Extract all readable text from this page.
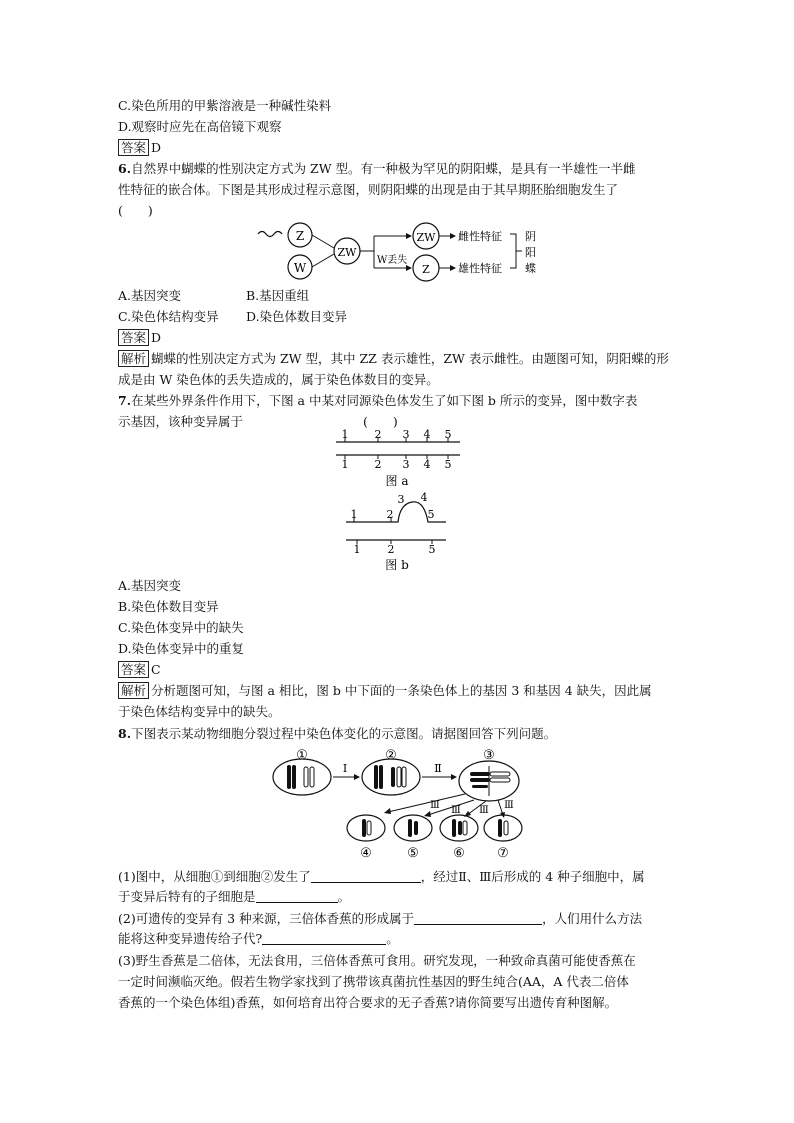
C.染色所用的甲紫溶液是一种碱性染料
D.观察时应先在高倍镜下观察
答案 D
6.自然界中蝴蝶的性别决定方式为 ZW 型。有一种极为罕见的阴阳蝶，是具有一半雄性一半雌
性特征的嵌合体。下图是其形成过程示意图，则阴阳蝶的出现是由于其早期胚胎细胞发生了
(　　)
Z
W
ZW
W丢失
ZW
Z
雌性特征
雄性特征
阴
阳
蝶
A.基因突变	B.基因重组
C.染色体结构变异 D.染色体数目变异
答案 D
解析 蝴蝶的性别决定方式为 ZW 型，其中 ZZ 表示雄性，ZW 表示雌性。由题图可知，阴阳蝶的形
成是由 W 染色体的丢失造成的，属于染色体数目的变异。
7.在某些外界条件作用下，下图 a 中某对同源染色体发生了如下图 b 所示的变异，图中数字表
示基因，该种变异属于	(　　)
1 2 3 4 5
1 2 3 4 5
图 a
1	2
3 4
5
1 2	5
图 b
A.基因突变
B.染色体数目变异
C.染色体变异中的缺失
D.染色体变异中的重复
答案 C
解析 分析题图可知，与图 a 相比，图 b 中下面的一条染色体上的基因 3 和基因 4 缺失，因此属
于染色体结构变异中的缺失。
8.下图表示某动物细胞分裂过程中染色体变化的示意图。请据图回答下列问题。
①
Ⅰ
②
Ⅱ
③
Ⅲ Ⅲ Ⅲ Ⅲ
④	⑤	⑥ ⑦
(1)图中，从细胞①到细胞②发生了	，经过Ⅱ、Ⅲ后形成的 4 种子细胞中，属
于变异后特有的子细胞是	。
(2)可遗传的变异有 3 种来源，三倍体香蕉的形成属于	，人们用什么方法
能将这种变异遗传给子代?	。
(3)野生香蕉是二倍体，无法食用，三倍体香蕉可食用。研究发现，一种致命真菌可能使香蕉在
一定时间濒临灭绝。假若生物学家找到了携带该真菌抗性基因的野生纯合(AA，A 代表二倍体
香蕉的一个染色体组)香蕉，如何培育出符合要求的无子香蕉?请你简要写出遗传育种图解。
